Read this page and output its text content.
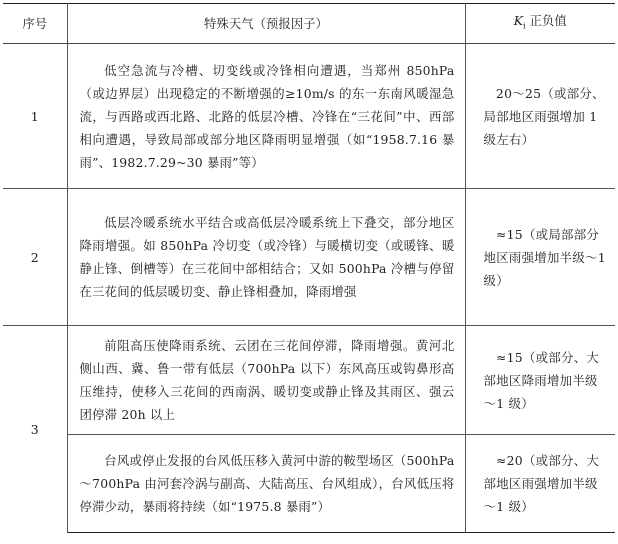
序号	特殊天气（预报因子）	$K_i$ 正负值
1	低空急流与冷槽、切变线或冷锋相向遭遇，当郑州 850hPa（或边界层）出现稳定的不断增强的≥10m/s 的东一东南风暖湿急流，与西路或西北路、北路的低层冷槽、冷锋在“三花间”中、西部相向遭遇，导致局部或部分地区降雨明显增强（如“1958.7.16 暴雨”、1982.7.29~30 暴雨”等）	20～25（或部分、局部地区雨强增加 1 级左右）
2	低层冷暖系统水平结合或高低层冷暖系统上下叠交，部分地区降雨增强。如 850hPa 冷切变（或冷锋）与暖横切变（或暖锋、暖静止锋、倒槽等）在三花间中部相结合；又如 500hPa 冷槽与停留在三花间的低层暖切变、静止锋相叠加，降雨增强	≈15（或局部部分地区雨强增加半级～1 级）
3	前阻高压使降雨系统、云团在三花间停滞，降雨增强。黄河北侧山西、冀、鲁一带有低层（700hPa 以下）东风高压或钩鼻形高压维持，使移入三花间的西南涡、暖切变或静止锋及其雨区、强云团停滞 20h 以上	≈15（或部分、大部地区降雨增加半级～1 级）
	台风或停止发报的台风低压移入黄河中游的鞍型场区（500hPa～700hPa 由河套冷涡与副高、大陆高压、台风组成），台风低压将停滞少动，暴雨将持续（如“1975.8 暴雨”）	≈20（或部分、大部地区雨强增加半级～1 级）
